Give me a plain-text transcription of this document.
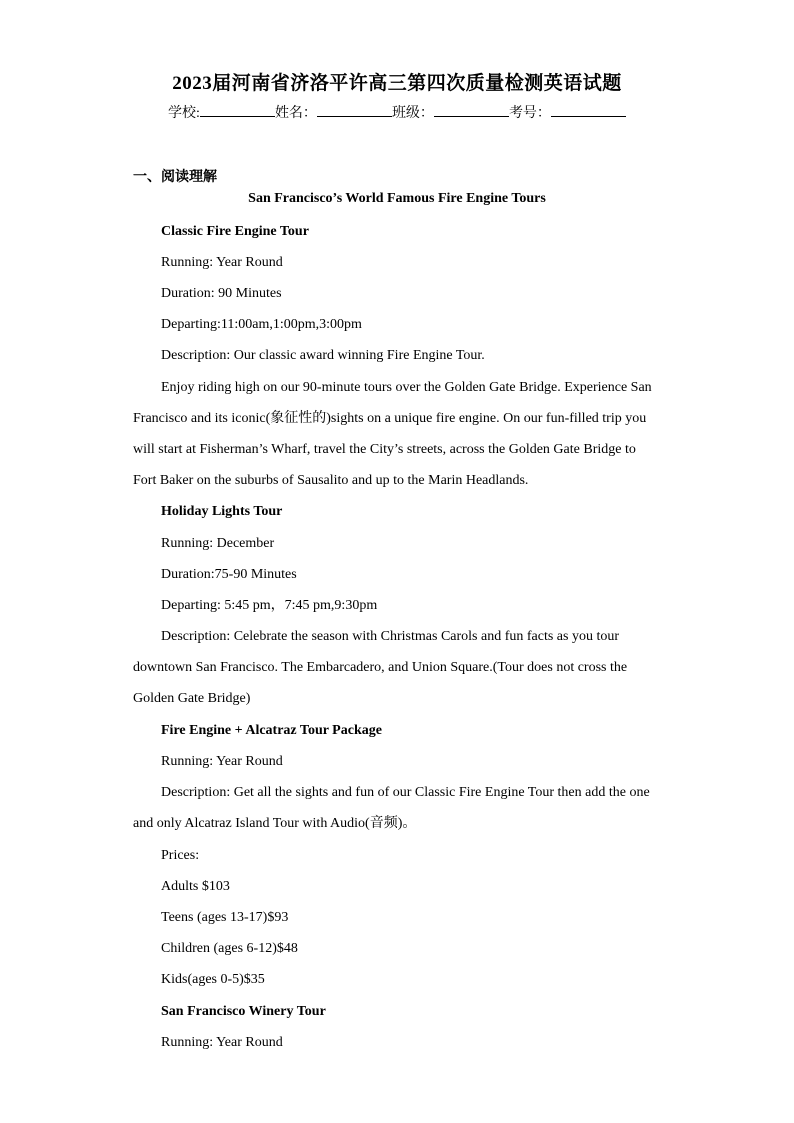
2023届河南省济洛平许高三第四次质量检测英语试题
学校:	姓名：	班级：	考号：
一、阅读理解
San Francisco’s World Famous Fire Engine Tours
Classic Fire Engine Tour
Running: Year Round
Duration: 90 Minutes
Departing:11:00am,1:00pm,3:00pm
Description: Our classic award winning Fire Engine Tour.
Enjoy riding high on our 90-minute tours over the Golden Gate Bridge. Experience San
Francisco and its iconic(象征性的)sights on a unique fire engine. On our fun-filled trip you
will start at Fisherman’s Wharf, travel the City’s streets, across the Golden Gate Bridge to
Fort Baker on the suburbs of Sausalito and up to the Marin Headlands.
Holiday Lights Tour
Running: December
Duration:75-90 Minutes
Departing: 5:45 pm，7:45 pm,9:30pm
Description: Celebrate the season with Christmas Carols and fun facts as you tour
downtown San Francisco. The Embarcadero, and Union Square.(Tour does not cross the
Golden Gate Bridge)
Fire Engine + Alcatraz Tour Package
Running: Year Round
Description: Get all the sights and fun of our Classic Fire Engine Tour then add the one
and only Alcatraz Island Tour with Audio(音频)。
Prices:
Adults $103
Teens (ages 13-17)$93
Children (ages 6-12)$48
Kids(ages 0-5)$35
San Francisco Winery Tour
Running: Year Round
